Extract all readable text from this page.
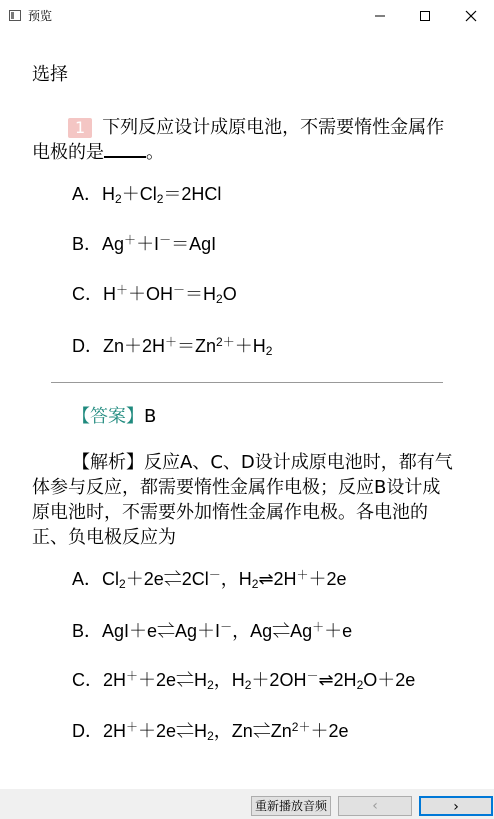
预览
选择
1 下列反应设计成原电池，不需要惰性金属作电极的是 。
A．$H_2+Cl_2=2HCl$
B．Ag＋＋I－＝AgI
C．$H^++OH^-=H_2O$
D．$Zn+2H^+=Zn^{2+}+H_2$
【答案】B
【解析】反应A、C、D设计成原电池时，都有气体参与反应，都需要惰性金属作电极；反应B设计成原电池时，不需要外加惰性金属作电极。各电池的正、负电极反应为
A．$Cl_2+2e\rightleftharpoons 2Cl^-$，$H_2\rightleftharpoons 2H^++2e$
B．AgI＋e⇌Ag＋I－，Ag⇌Ag＋＋e
C．$2H^++2e\rightleftharpoons H_2$，$H_2+2OH^-\rightleftharpoons 2H_2O+2e$
D．$2H^++2e\rightleftharpoons H_2$，$Zn\rightleftharpoons Zn^{2+}+2e$
重新播放音频	‹	›
